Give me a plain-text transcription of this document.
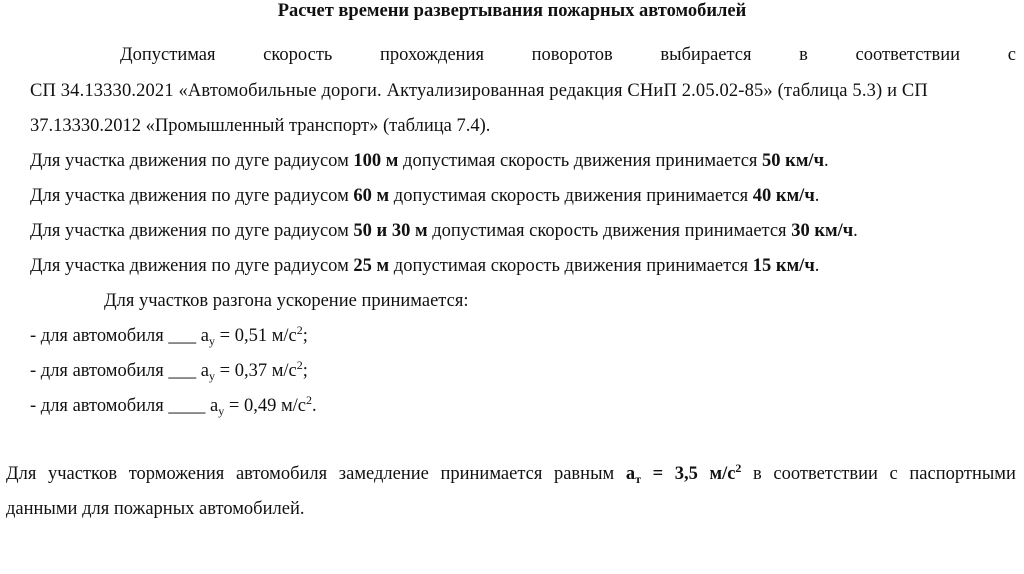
Расчет времени развертывания пожарных автомобилей
Допустимая	скорость	прохождения	поворотов	выбирается	в	соответствии	с
СП 34.13330.2021 «Автомобильные дороги. Актуализированная редакция СНиП 2.05.02-85» (таблица 5.3) и СП
37.13330.2012 «Промышленный транспорт» (таблица 7.4).
Для участка движения по дуге радиусом 100 м допустимая скорость движения принимается 50 км/ч.
Для участка движения по дуге радиусом 60 м допустимая скорость движения принимается 40 км/ч.
Для участка движения по дуге радиусом 50 и 30 м допустимая скорость движения принимается 30 км/ч.
Для участка движения по дуге радиусом 25 м допустимая скорость движения принимается 15 км/ч.
Для участков разгона ускорение принимается:
- для автомобиля ___ $a_у = 0,51$ $м/с^2$;
- для автомобиля ___ $a_у = 0,37$ $м/с^2$;
- для автомобиля ____ $a_у = 0,49$ $м/с^2$.
Для участков торможения автомобиля замедление принимается равным $a_т = 3,5$ $м/с^2$ в соответствии с паспортными
данными для пожарных автомобилей.
